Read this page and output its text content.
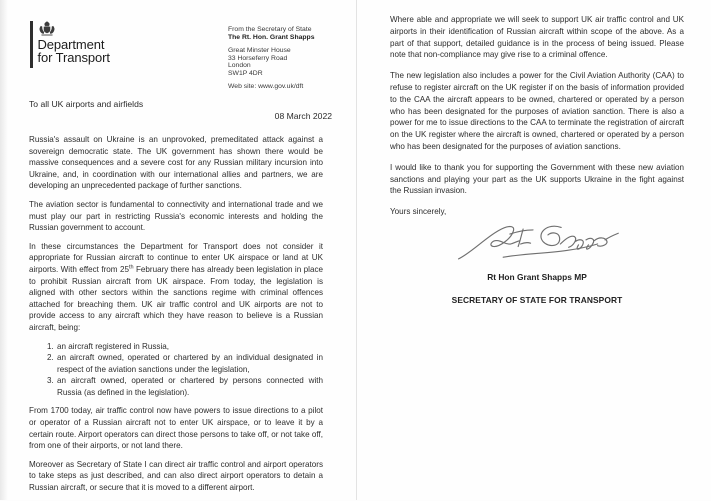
Department
for Transport
From the Secretary of State
The Rt. Hon. Grant Shapps
Great Minster House
33 Horseferry Road
London
SW1P 4DR
Web site: www.gov.uk/dft
To all UK airports and airfields
08 March 2022

Russia's assault on Ukraine is an unprovoked, premeditated attack against a sovereign democratic state. The UK government has shown there would be massive consequences and a severe cost for any Russian military incursion into Ukraine, and, in coordination with our international allies and partners, we are developing an unprecedented package of further sanctions.

The aviation sector is fundamental to connectivity and international trade and we must play our part in restricting Russia's economic interests and holding the Russian government to account.

In these circumstances the Department for Transport does not consider it appropriate for Russian aircraft to continue to enter UK airspace or land at UK airports. With effect from 25th February there has already been legislation in place to prohibit Russian aircraft from UK airspace. From today, the legislation is aligned with other sectors within the sanctions regime with criminal offences attached for breaching them. UK air traffic control and UK airports are not to provide access to any aircraft which they have reason to believe is a Russian aircraft, being:

1. an aircraft registered in Russia,
2. an aircraft owned, operated or chartered by an individual designated in respect of the aviation sanctions under the legislation,
3. an aircraft owned, operated or chartered by persons connected with Russia (as defined in the legislation).

From 1700 today, air traffic control now have powers to issue directions to a pilot or operator of a Russian aircraft not to enter UK airspace, or to leave it by a certain route. Airport operators can direct those persons to take off, or not take off, from one of their airports, or not land there.

Moreover as Secretary of State I can direct air traffic control and airport operators to take steps as just described, and can also direct airport operators to detain a Russian aircraft, or secure that it is moved to a different airport.

Where able and appropriate we will seek to support UK air traffic control and UK airports in their identification of Russian aircraft within scope of the above. As a part of that support, detailed guidance is in the process of being issued. Please note that non-compliance may give rise to a criminal offence.

The new legislation also includes a power for the Civil Aviation Authority (CAA) to refuse to register aircraft on the UK register if on the basis of information provided to the CAA the aircraft appears to be owned, chartered or operated by a person who has been designated for the purposes of aviation sanction. There is also a power for me to issue directions to the CAA to terminate the registration of aircraft on the UK register where the aircraft is owned, chartered or operated by a person who has been designated for the purposes of aviation sanctions.

I would like to thank you for supporting the Government with these new aviation sanctions and playing your part as the UK supports Ukraine in the fight against the Russian invasion.

Yours sincerely,

Rt Hon Grant Shapps MP
SECRETARY OF STATE FOR TRANSPORT
